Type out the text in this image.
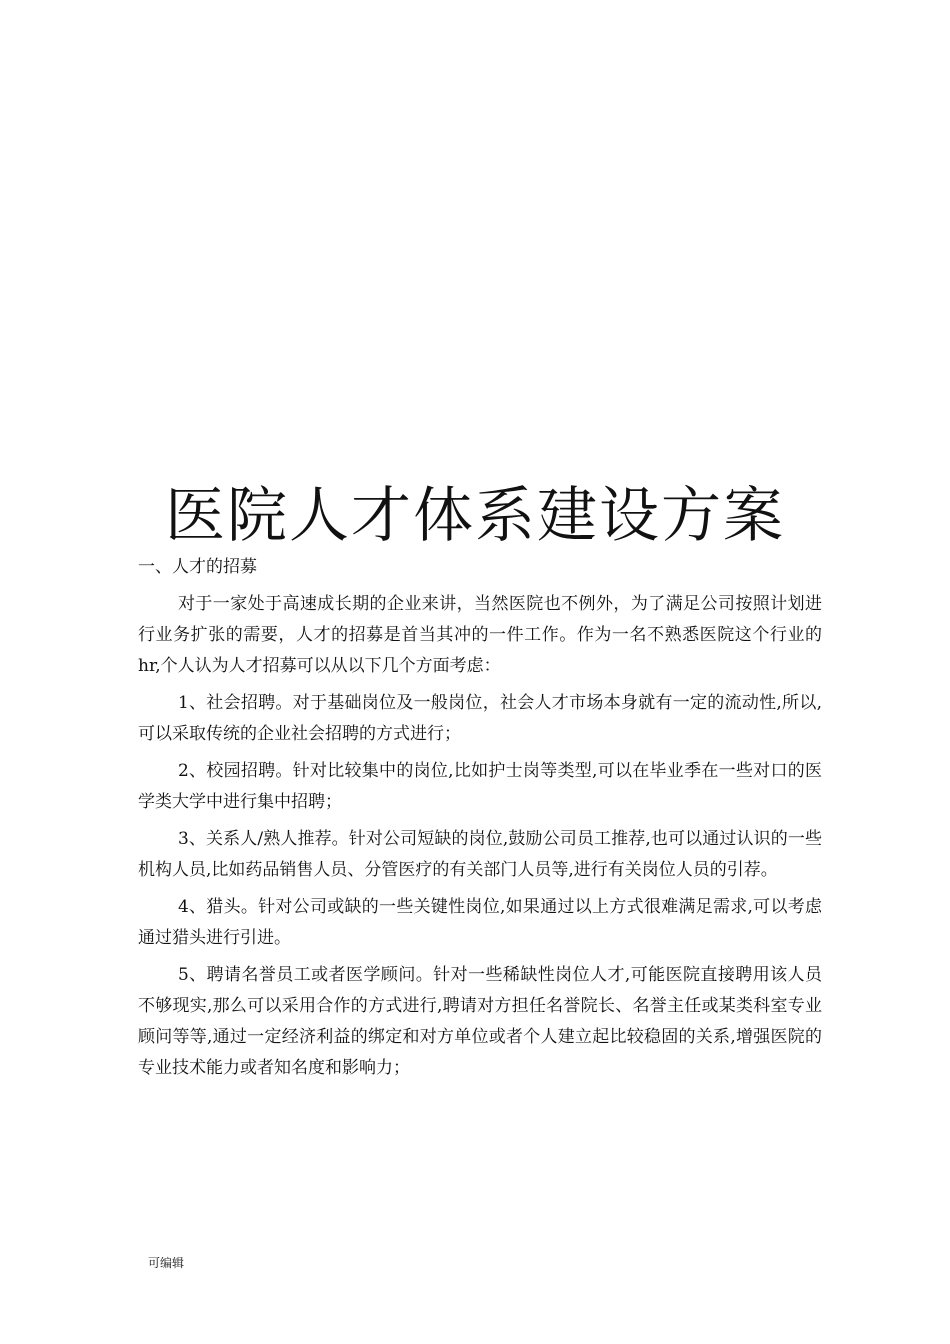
医院人才体系建设方案
一、人才的招募

对于一家处于高速成长期的企业来讲，当然医院也不例外，为了满足公司按照计划进行业务扩张的需要，人才的招募是首当其冲的一件工作。作为一名不熟悉医院这个行业的hr,个人认为人才招募可以从以下几个方面考虑：

1、社会招聘。对于基础岗位及一般岗位，社会人才市场本身就有一定的流动性,所以,可以采取传统的企业社会招聘的方式进行；

2、校园招聘。针对比较集中的岗位,比如护士岗等类型,可以在毕业季在一些对口的医学类大学中进行集中招聘；

3、关系人/熟人推荐。针对公司短缺的岗位,鼓励公司员工推荐,也可以通过认识的一些机构人员,比如药品销售人员、分管医疗的有关部门人员等,进行有关岗位人员的引荐。

4、猎头。针对公司或缺的一些关键性岗位,如果通过以上方式很难满足需求,可以考虑通过猎头进行引进。

5、聘请名誉员工或者医学顾问。针对一些稀缺性岗位人才,可能医院直接聘用该人员不够现实,那么可以采用合作的方式进行,聘请对方担任名誉院长、名誉主任或某类科室专业顾问等等,通过一定经济利益的绑定和对方单位或者个人建立起比较稳固的关系,增强医院的专业技术能力或者知名度和影响力；

可编辑
